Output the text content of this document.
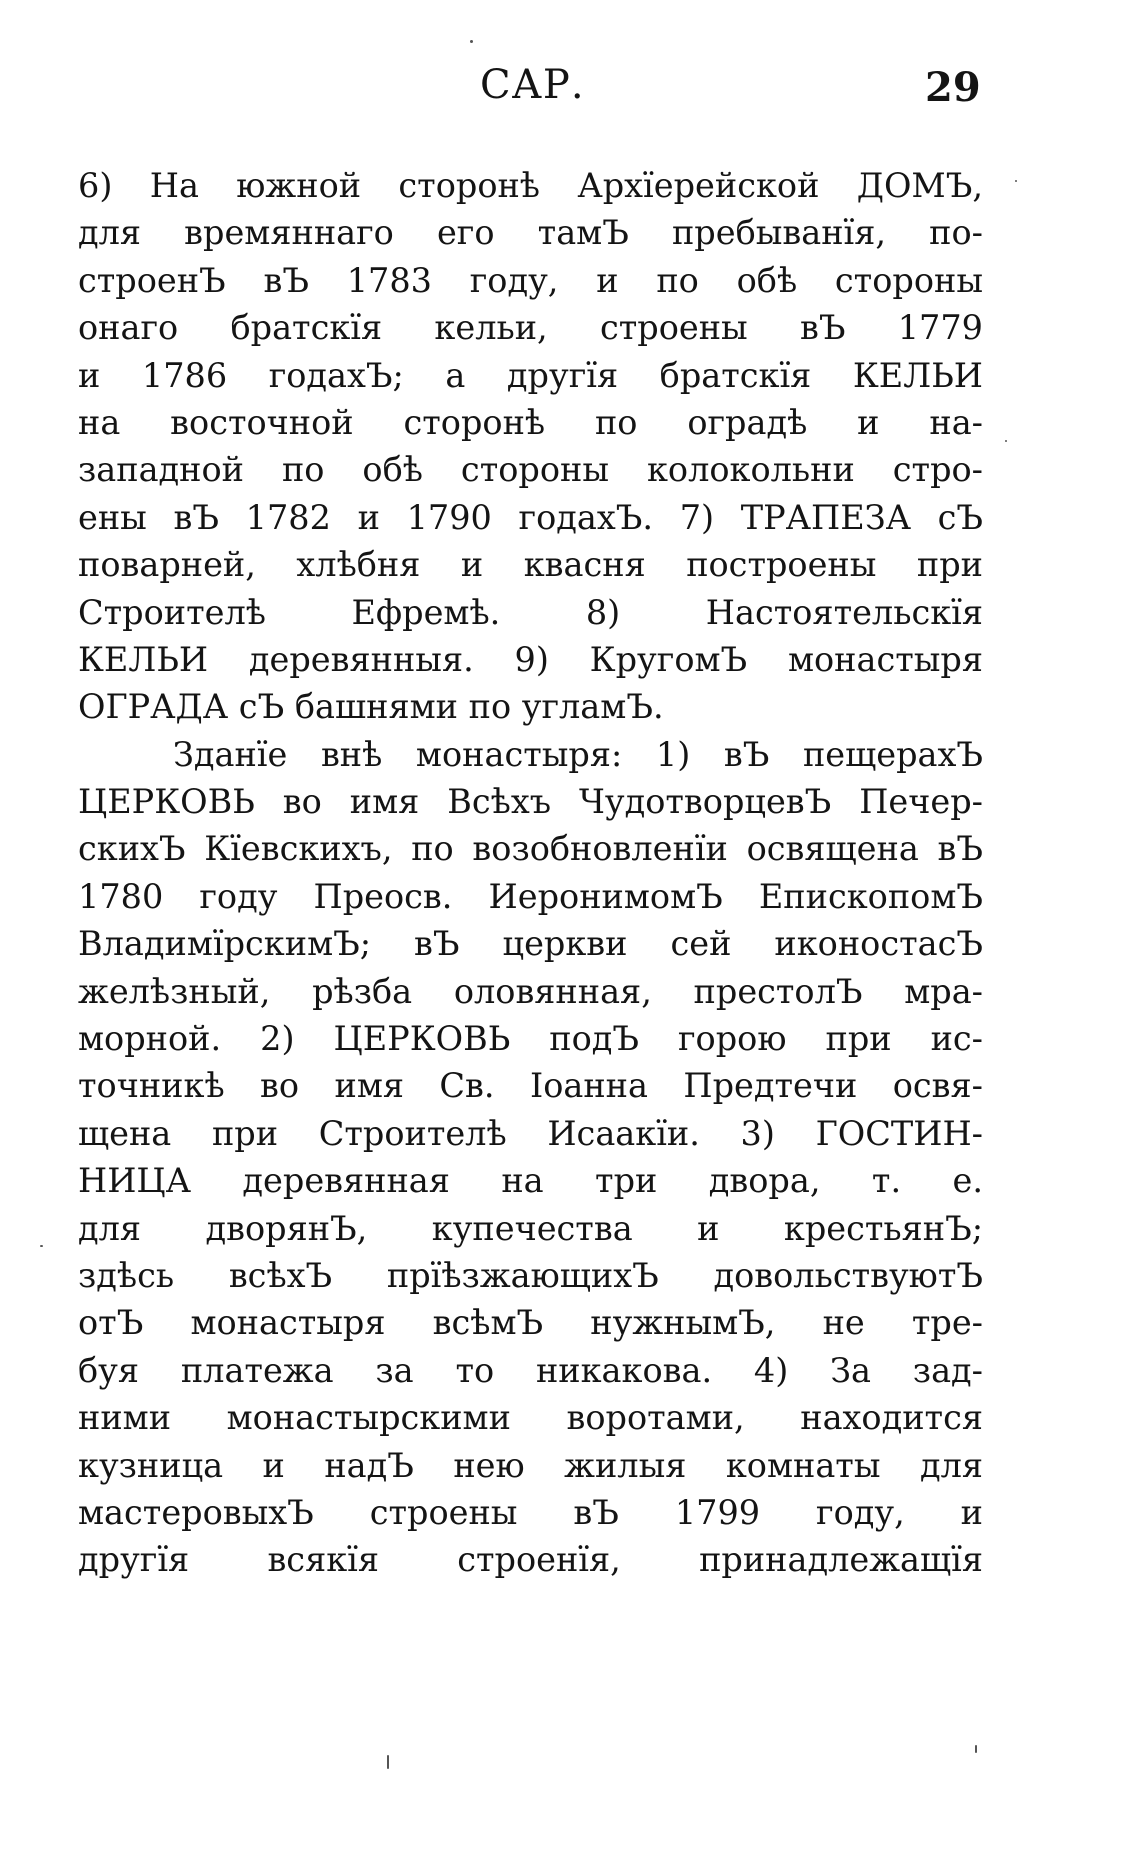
САР.	29
6) На южной сторонѣ Архїерейской ДОМЪ,
для времяннаго его тамЪ пребыванїя, по-
строенЪ вЪ 1783 году, и по обѣ стороны
онаго братскїя кельи, строены вЪ 1779
и 1786 годахЪ; а другїя братскїя КЕЛЬИ
на восточной сторонѣ по оградѣ и на-
западной по обѣ стороны колокольни стро-
ены вЪ 1782 и 1790 годахЪ. 7) ТРАПЕЗА сЪ
поварней, хлѣбня и квасня построены при
Строителѣ Ефремѣ. 8) Настоятельскїя
КЕЛЬИ деревянныя. 9) КругомЪ монастыря
ОГРАДА сЪ башнями по угламЪ.
Зданїе внѣ монастыря: 1) вЪ пещерахЪ
ЦЕРКОВЬ во имя Всѣхъ ЧудотворцевЪ Печер-
скихЪ Кїевскихъ, по возобновленїи освящена вЪ
1780 году Преосв. ИеронимомЪ ЕпископомЪ
ВладимїрскимЪ; вЪ церкви сей иконостасЪ
желѣзный, рѣзба оловянная, престолЪ мра-
морной. 2) ЦЕРКОВЬ подЪ горою при ис-
точникѣ во имя Св. Іоанна Предтечи освя-
щена при Строителѣ Исаакїи. 3) ГОСТИН-
НИЦА деревянная на три двора, т. е.
для дворянЪ, купечества и крестьянЪ;
здѣсь всѣхЪ прїѣзжающихЪ довольствуютЪ
отЪ монастыря всѣмЪ нужнымЪ, не тре-
буя платежа за то никакова. 4) За зад-
ними монастырскими воротами, находится
кузница и надЪ нею жилыя комнаты для
мастеровыхЪ строены вЪ 1799 году, и
другїя всякїя строенїя, принадлежащїя
